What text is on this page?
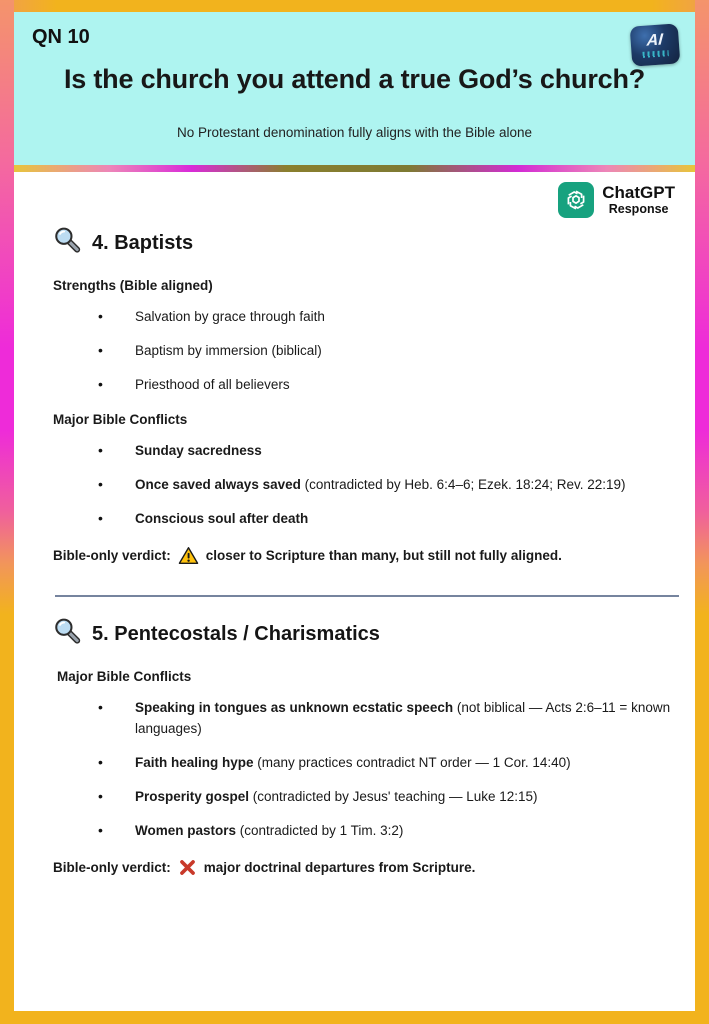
QN 10	AI
Is the church you attend a true God’s church?
No Protestant denomination fully aligns with the Bible alone
ChatGPT
Response
4. Baptists
Strengths (Bible aligned)
• Salvation by grace through faith
• Baptism by immersion (biblical)
• Priesthood of all believers
Major Bible Conflicts
• Sunday sacredness
• Once saved always saved (contradicted by Heb. 6:4–6; Ezek. 18:24; Rev. 22:19)
• Conscious soul after death
Bible-only verdict:	closer to Scripture than many, but still not fully aligned.
5. Pentecostals / Charismatics
Major Bible Conflicts
• Speaking in tongues as unknown ecstatic speech (not biblical — Acts 2:6–11 = known languages)
• Faith healing hype (many practices contradict NT order — 1 Cor. 14:40)
• Prosperity gospel (contradicted by Jesus' teaching — Luke 12:15)
• Women pastors (contradicted by 1 Tim. 3:2)
Bible-only verdict: major doctrinal departures from Scripture.
